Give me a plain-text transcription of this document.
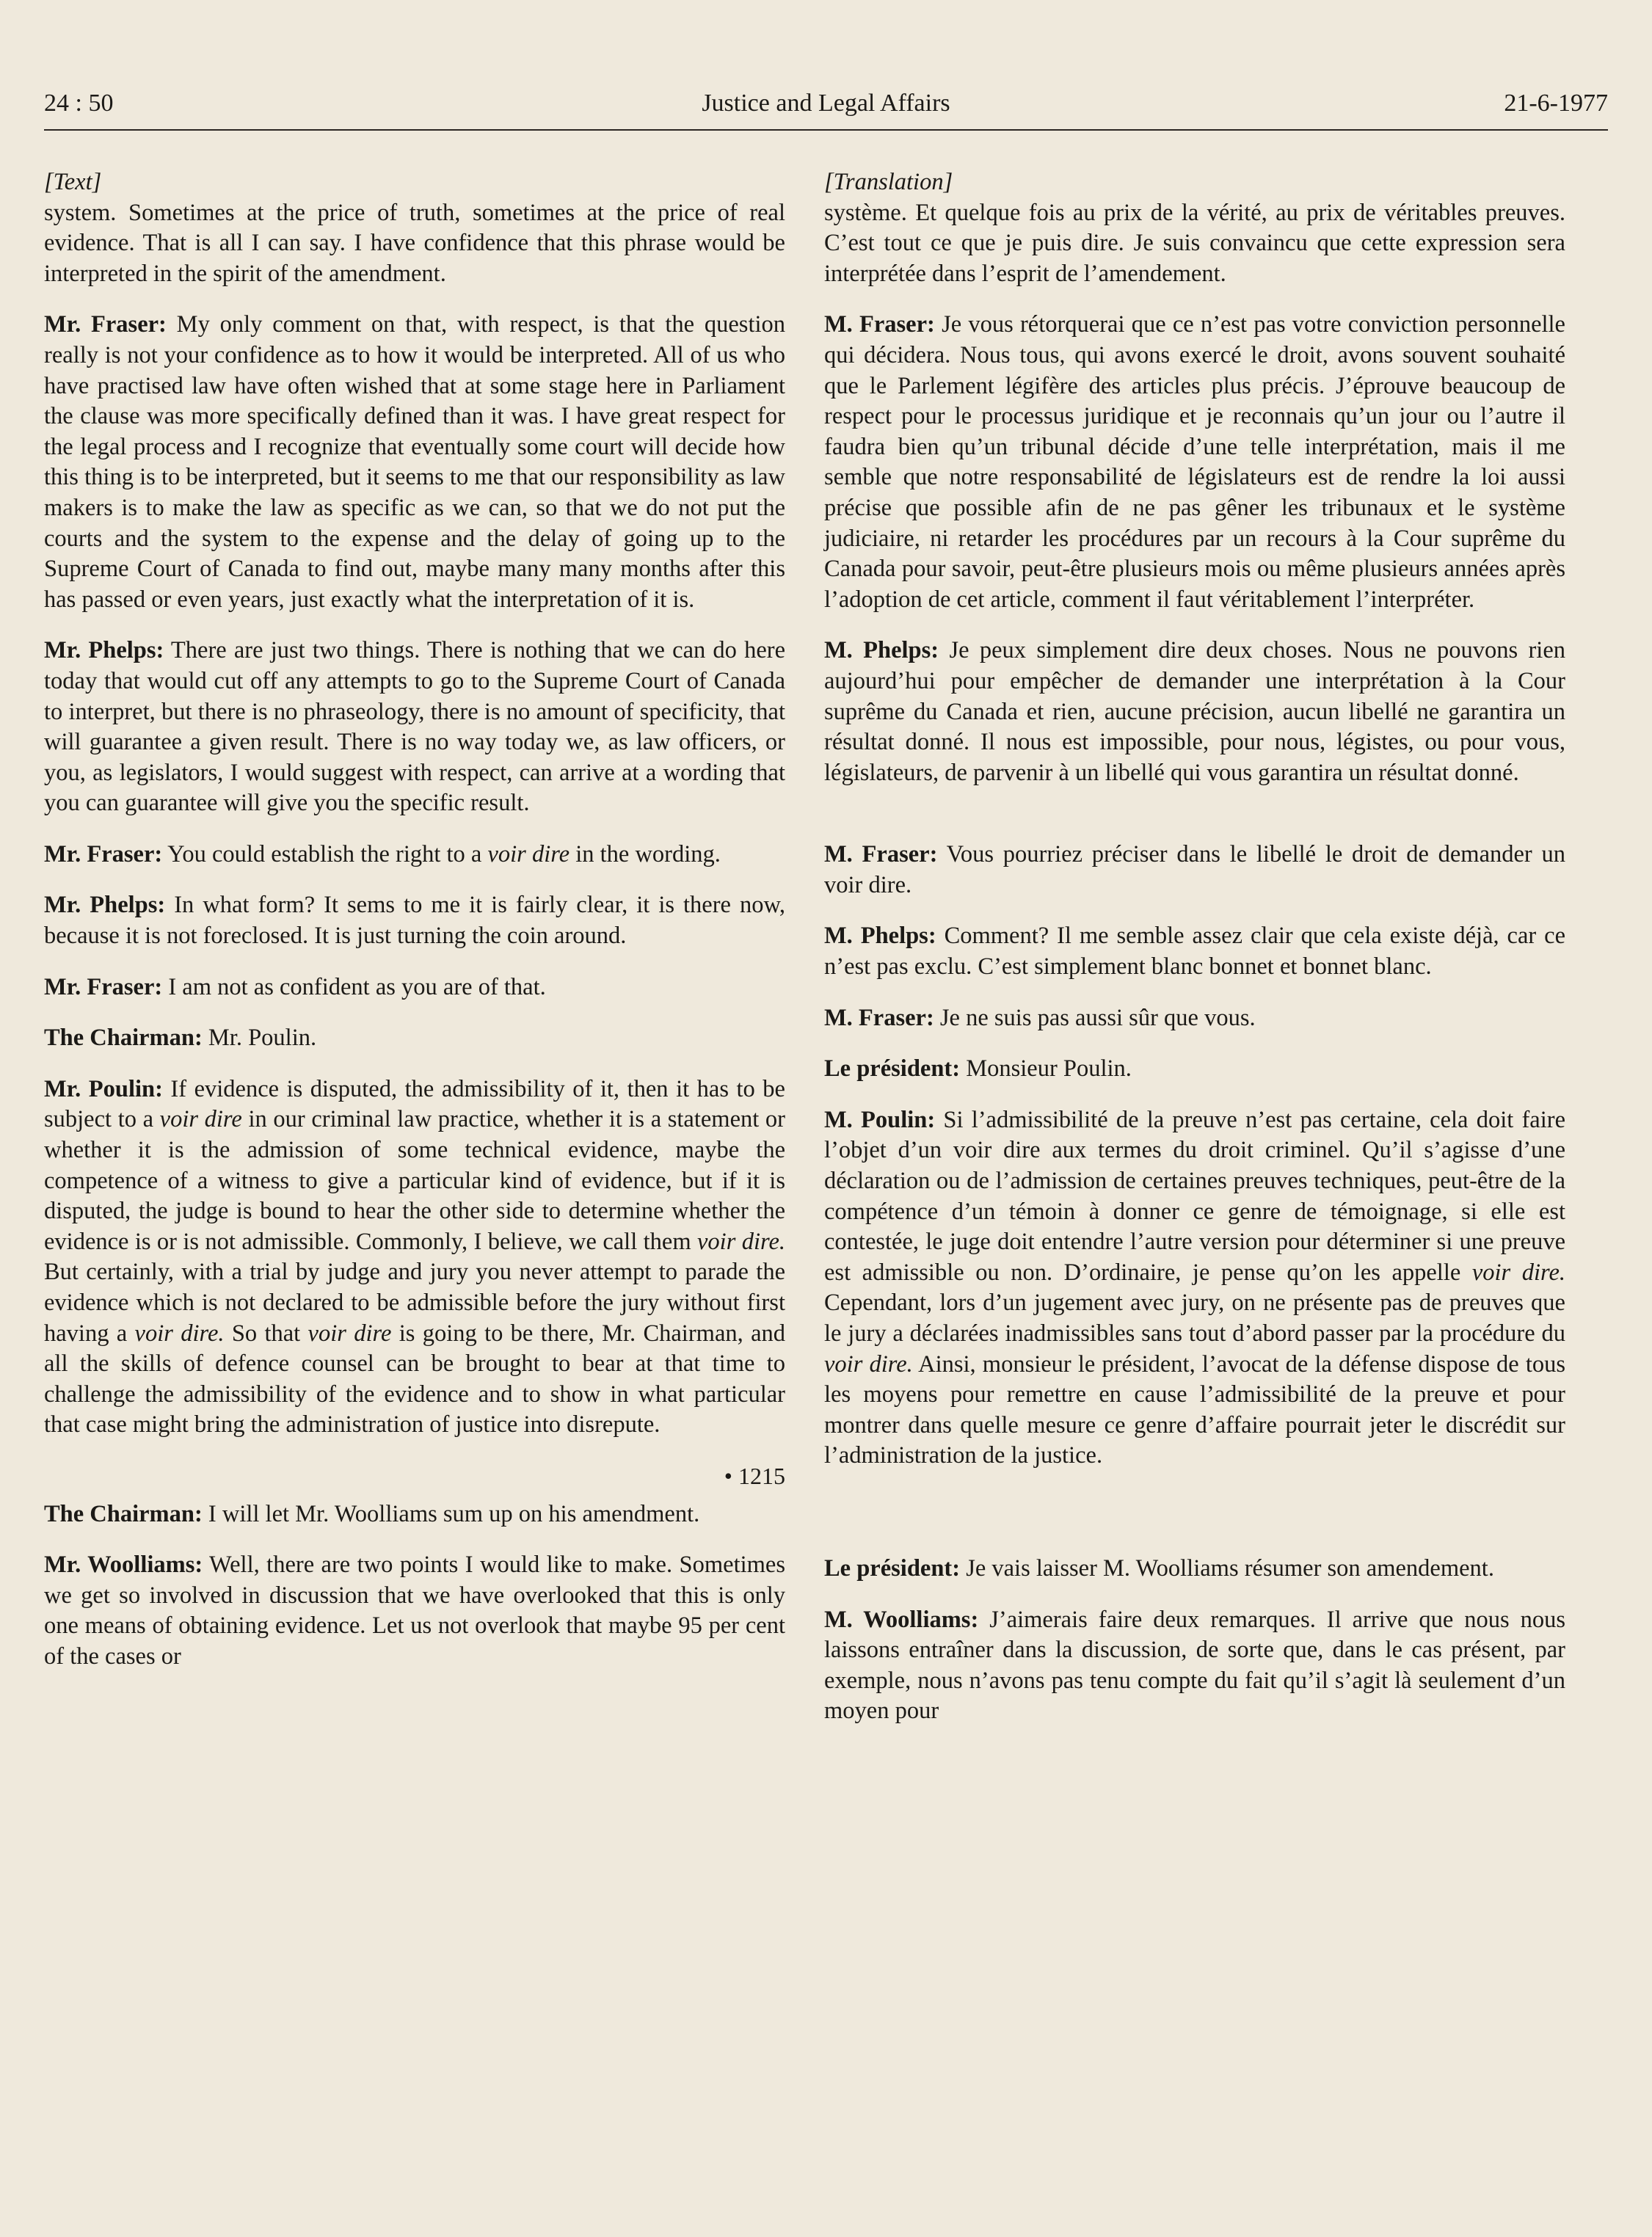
24 : 50	Justice and Legal Affairs	21-6-1977

[Text]

system. Sometimes at the price of truth, sometimes at the price of real evidence. That is all I can say. I have confidence that this phrase would be interpreted in the spirit of the amendment.

Mr. Fraser: My only comment on that, with respect, is that the question really is not your confidence as to how it would be interpreted. All of us who have practised law have often wished that at some stage here in Parliament the clause was more specifically defined than it was. I have great respect for the legal process and I recognize that eventually some court will decide how this thing is to be interpreted, but it seems to me that our responsibility as law makers is to make the law as specific as we can, so that we do not put the courts and the system to the expense and the delay of going up to the Supreme Court of Canada to find out, maybe many many months after this has passed or even years, just exactly what the interpretation of it is.

Mr. Phelps: There are just two things. There is nothing that we can do here today that would cut off any attempts to go to the Supreme Court of Canada to interpret, but there is no phraseology, there is no amount of specificity, that will guarantee a given result. There is no way today we, as law officers, or you, as legislators, I would suggest with respect, can arrive at a wording that you can guarantee will give you the specific result.

Mr. Fraser: You could establish the right to a voir dire in the wording.

Mr. Phelps: In what form? It sems to me it is fairly clear, it is there now, because it is not foreclosed. It is just turning the coin around.

Mr. Fraser: I am not as confident as you are of that.

The Chairman: Mr. Poulin.

Mr. Poulin: If evidence is disputed, the admissibility of it, then it has to be subject to a voir dire in our criminal law practice, whether it is a statement or whether it is the admission of some technical evidence, maybe the competence of a witness to give a particular kind of evidence, but if it is disputed, the judge is bound to hear the other side to determine whether the evidence is or is not admissible. Commonly, I believe, we call them voir dire. But certainly, with a trial by judge and jury you never attempt to parade the evidence which is not declared to be admissible before the jury without first having a voir dire. So that voir dire is going to be there, Mr. Chairman, and all the skills of defence counsel can be brought to bear at that time to challenge the admissibility of the evidence and to show in what particular that case might bring the administration of justice into disrepute.

• 1215

The Chairman: I will let Mr. Woolliams sum up on his amendment.

Mr. Woolliams: Well, there are two points I would like to make. Sometimes we get so involved in discussion that we have overlooked that this is only one means of obtaining evidence. Let us not overlook that maybe 95 per cent of the cases or

[Translation]

système. Et quelque fois au prix de la vérité, au prix de véritables preuves. C’est tout ce que je puis dire. Je suis convaincu que cette expression sera interprétée dans l’esprit de l’amendement.

M. Fraser: Je vous rétorquerai que ce n’est pas votre conviction personnelle qui décidera. Nous tous, qui avons exercé le droit, avons souvent souhaité que le Parlement légifère des articles plus précis. J’éprouve beaucoup de respect pour le processus juridique et je reconnais qu’un jour ou l’autre il faudra bien qu’un tribunal décide d’une telle interprétation, mais il me semble que notre responsabilité de législateurs est de rendre la loi aussi précise que possible afin de ne pas gêner les tribunaux et le système judiciaire, ni retarder les procédures par un recours à la Cour suprême du Canada pour savoir, peut-être plusieurs mois ou même plusieurs années après l’adoption de cet article, comment il faut véritablement l’interpréter.

M. Phelps: Je peux simplement dire deux choses. Nous ne pouvons rien aujourd’hui pour empêcher de demander une interprétation à la Cour suprême du Canada et rien, aucune précision, aucun libellé ne garantira un résultat donné. Il nous est impossible, pour nous, légistes, ou pour vous, législateurs, de parvenir à un libellé qui vous garantira un résultat donné.

M. Fraser: Vous pourriez préciser dans le libellé le droit de demander un voir dire.

M. Phelps: Comment? Il me semble assez clair que cela existe déjà, car ce n’est pas exclu. C’est simplement blanc bonnet et bonnet blanc.

M. Fraser: Je ne suis pas aussi sûr que vous.

Le président: Monsieur Poulin.

M. Poulin: Si l’admissibilité de la preuve n’est pas certaine, cela doit faire l’objet d’un voir dire aux termes du droit criminel. Qu’il s’agisse d’une déclaration ou de l’admission de certaines preuves techniques, peut-être de la compétence d’un témoin à donner ce genre de témoignage, si elle est contestée, le juge doit entendre l’autre version pour déterminer si une preuve est admissible ou non. D’ordinaire, je pense qu’on les appelle voir dire. Cependant, lors d’un jugement avec jury, on ne présente pas de preuves que le jury a déclarées inadmissibles sans tout d’abord passer par la procédure du voir dire. Ainsi, monsieur le président, l’avocat de la défense dispose de tous les moyens pour remettre en cause l’admissibilité de la preuve et pour montrer dans quelle mesure ce genre d’affaire pourrait jeter le discrédit sur l’administration de la justice.

Le président: Je vais laisser M. Woolliams résumer son amendement.

M. Woolliams: J’aimerais faire deux remarques. Il arrive que nous nous laissons entraîner dans la discussion, de sorte que, dans le cas présent, par exemple, nous n’avons pas tenu compte du fait qu’il s’agit là seulement d’un moyen pour
